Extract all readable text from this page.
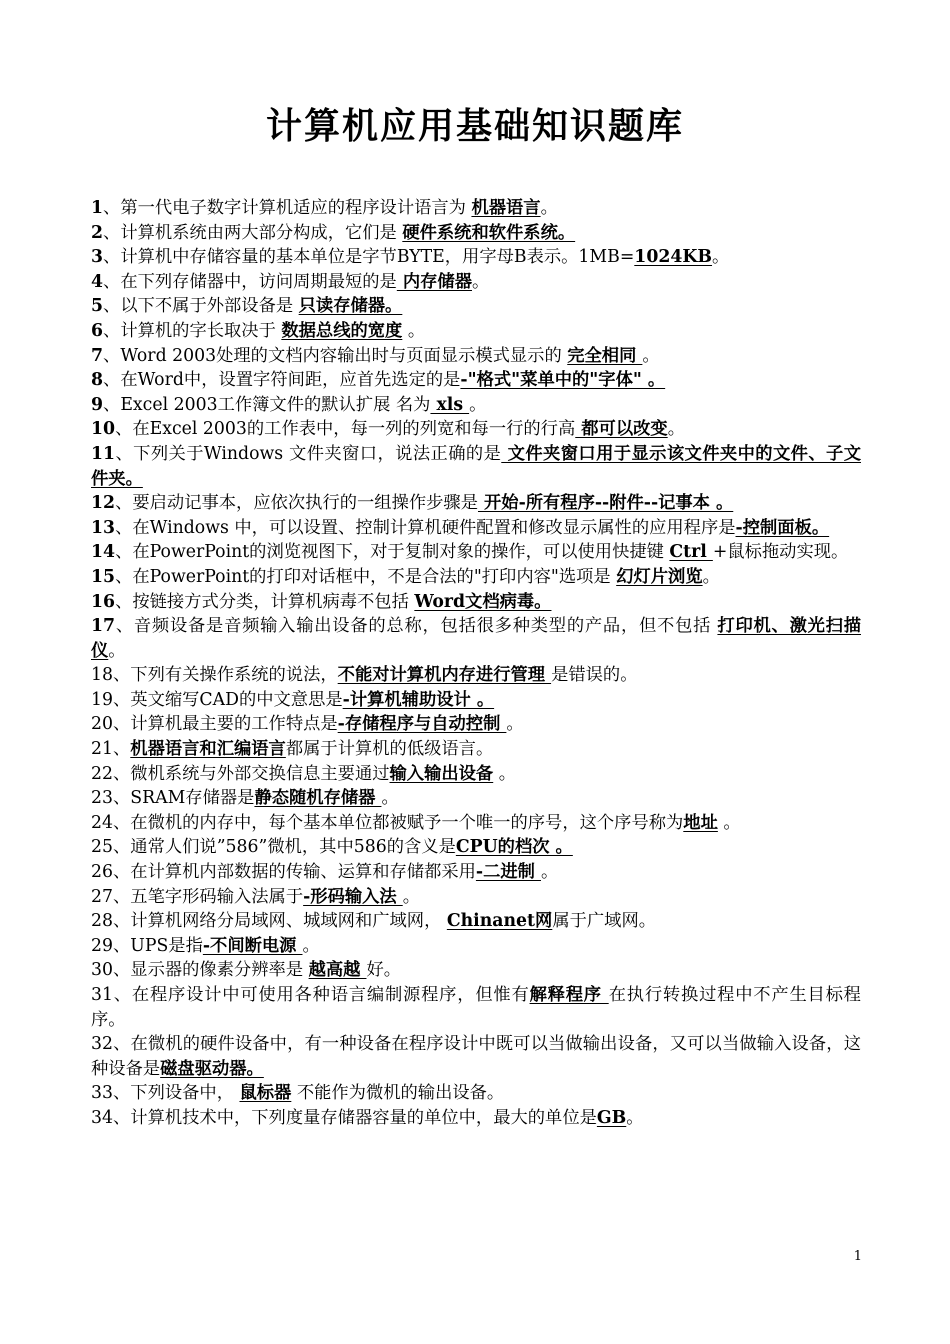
计算机应用基础知识题库

1、第一代电子数字计算机适应的程序设计语言为 机器语言。

2、计算机系统由两大部分构成，它们是 硬件系统和软件系统。

3、计算机中存储容量的基本单位是字节BYTE，用字母B表示。1MB=1024KB。

4、在下列存储器中，访问周期最短的是 内存储器。

5、以下不属于外部设备是 只读存储器。

6、计算机的字长取决于 数据总线的宽度 。

7、Word 2003处理的文档内容输出时与页面显示模式显示的 完全相同 。

8、在Word中，设置字符间距，应首先选定的是-"格式"菜单中的"字体" 。

9、Excel 2003工作簿文件的默认扩展 名为 xls 。

10、在Excel 2003的工作表中，每一列的列宽和每一行的行高 都可以改变。

11、下列关于Windows 文件夹窗口，说法正确的是 文件夹窗口用于显示该文件夹中的文件、子文件夹。

12、要启动记事本，应依次执行的一组操作步骤是 开始-所有程序--附件--记事本 。

13、在Windows 中，可以设置、控制计算机硬件配置和修改显示属性的应用程序是-控制面板。

14、在PowerPoint的浏览视图下，对于复制对象的操作，可以使用快捷键 Ctrl +鼠标拖动实现。

15、在PowerPoint的打印对话框中，不是合法的"打印内容"选项是 幻灯片浏览。

16、按链接方式分类，计算机病毒不包括 Word文档病毒。

17、音频设备是音频输入输出设备的总称，包括很多种类型的产品，但不包括 打印机、激光扫描仪。

18、下列有关操作系统的说法，不能对计算机内存进行管理 是错误的。

19、英文缩写CAD的中文意思是-计算机辅助设计 。

20、计算机最主要的工作特点是-存储程序与自动控制 。

21、机器语言和汇编语言都属于计算机的低级语言。

22、微机系统与外部交换信息主要通过输入输出设备 。

23、SRAM存储器是静态随机存储器 。

24、在微机的内存中，每个基本单位都被赋予一个唯一的序号，这个序号称为地址 。

25、通常人们说”586”微机，其中586的含义是CPU的档次 。

26、在计算机内部数据的传输、运算和存储都采用-二进制 。

27、五笔字形码输入法属于-形码输入法 。

28、计算机网络分局域网、城域网和广域网， Chinanet网属于广域网。

29、UPS是指-不间断电源 。

30、显示器的像素分辨率是 越高越 好。

31、在程序设计中可使用各种语言编制源程序，但惟有解释程序 在执行转换过程中不产生目标程序。

32、在微机的硬件设备中，有一种设备在程序设计中既可以当做输出设备，又可以当做输入设备，这种设备是磁盘驱动器。

33、下列设备中， 鼠标器 不能作为微机的输出设备。

34、计算机技术中，下列度量存储器容量的单位中，最大的单位是GB。

1
